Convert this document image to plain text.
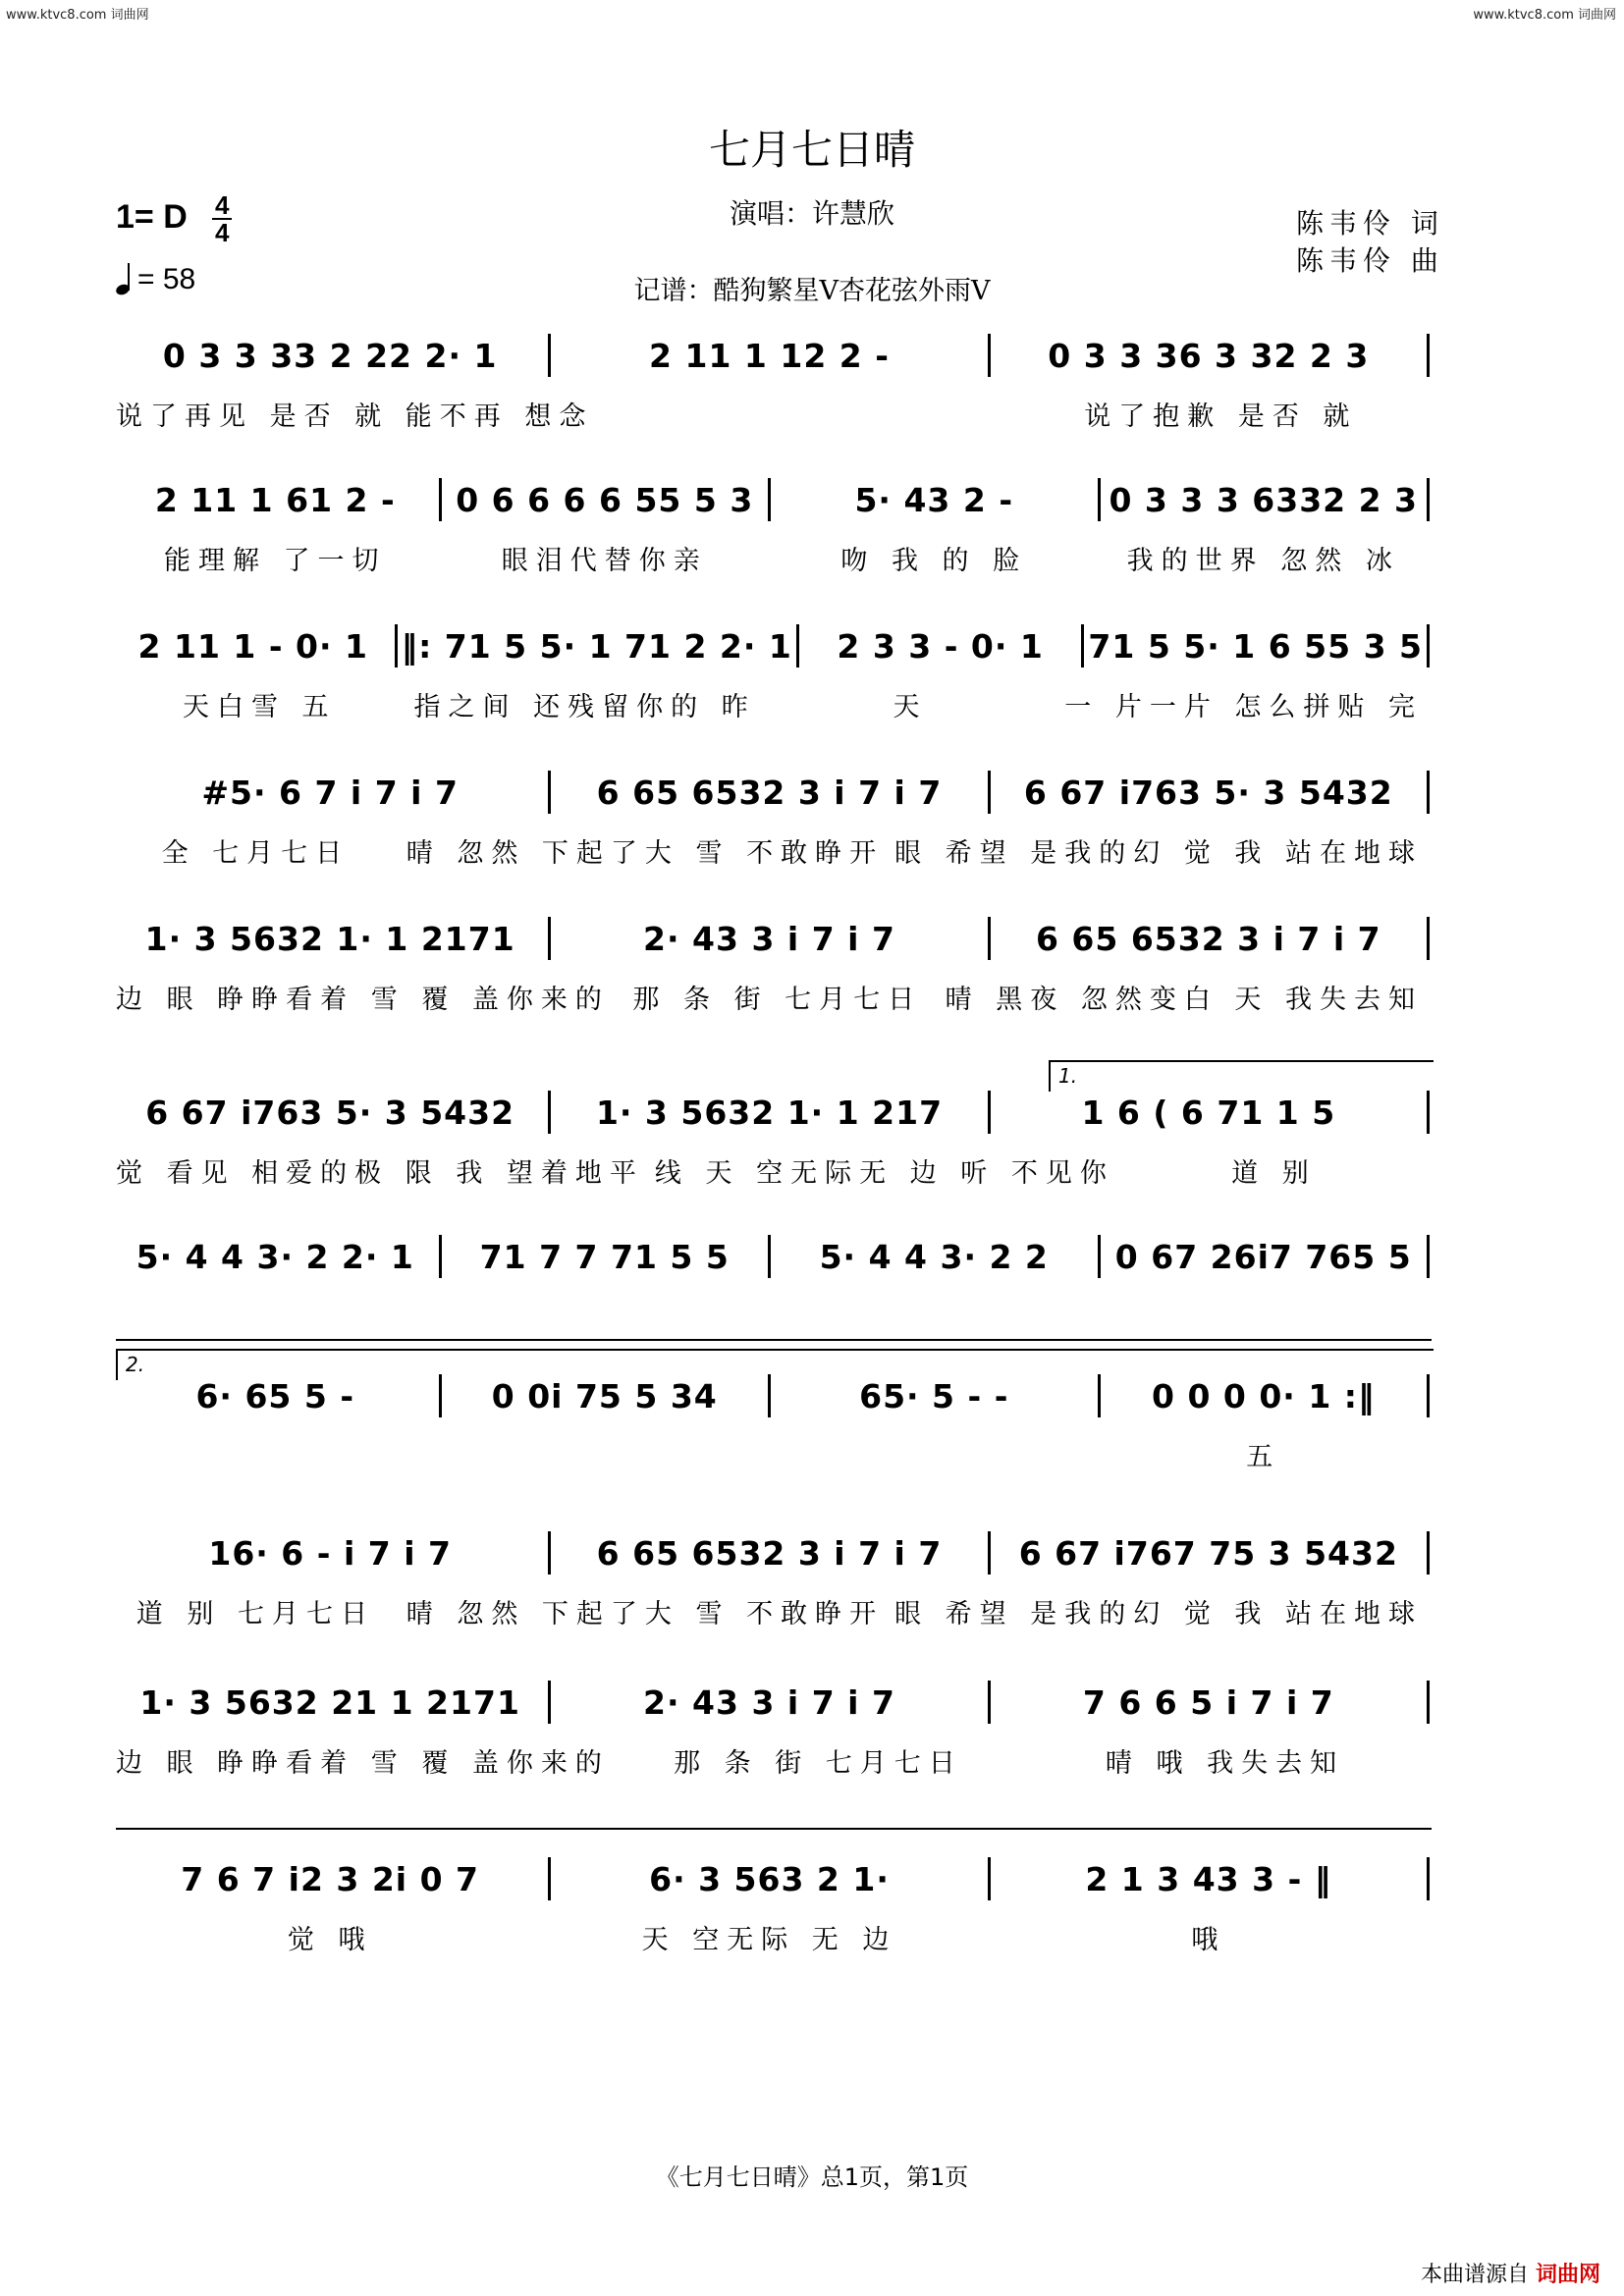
www.ktvc8.com 词曲网	www.ktvc8.com 词曲网
七月七日晴
1= D $\frac{4}{4}$
= 58
演唱：许慧欣	陈韦伶 词
陈韦伶 曲
记谱：酷狗繁星V杏花弦外雨V
1.
2.
0 3 3 33 2 22 2· 1	2 11 1 12 2 -	0 3 3 36 3 32 2 3
说了再见 是否 就 能不再 想念	说了抱歉 是否 就
2 11 1 61 2 -	0 6 6 6 6 55 5 3	5· 43 2 -	0 3 3 3 6332 2 3
能理解 了一切	眼泪代替你亲	吻 我 的 脸	我的世界 忽然 冰
2 11 1 - 0· 1	‖: 71 5 5· 1 71 2 2· 1	2 3 3 - 0· 1	71 5 5· 1 6 55 3 5
天白雪 五	指之间 还残留你的 昨	天	一 片一片 怎么拼贴 完
#5· 6 7 i 7 i 7	6 65 6532 3 i 7 i 7	6 67 i763 5· 3 5432
全 七月七日	晴 忽然 下起了大 雪 不敢睁开 眼 希望 是我的幻 觉 我 站在地球
1· 3 5632 1· 1 2171	2· 43 3 i 7 i 7	6 65 6532 3 i 7 i 7
边 眼 睁睁看着 雪 覆 盖你来的 那 条 街 七月七日 晴 黑夜 忽然变白 天 我失去知
6 67 i763 5· 3 5432	1· 3 5632 1· 1 217	1 6 ( 6 71 1 5
觉 看见 相爱的极 限 我 望着地平 线 天 空无际无 边 听 不见你	道 别
5· 4 4 3· 2 2· 1	71 7 7 71 5 5	5· 4 4 3· 2 2	0 67 26i7 765 5
6· 65 5 -	0 0i 75 5 34	65· 5 - -	0 0 0 0· 1 :‖
五
16· 6 - i 7 i 7	6 65 6532 3 i 7 i 7	6 67 i767 75 3 5432
道 别 七月七日	晴 忽然 下起了大 雪 不敢睁开 眼 希望 是我的幻 觉 我 站在地球
1· 3 5632 21 1 2171	2· 43 3 i 7 i 7	7 6 6 5 i 7 i 7
边 眼 睁睁看着 雪 覆 盖你来的	那 条 街 七月七日	晴 哦 我失去知
7 6 7 i2 3 2i 0 7	6· 3 563 2 1·	2 1 3 43 3 - ‖
觉 哦	天 空无际 无 边	哦
《七月七日晴》总1页，第1页
本曲谱源自 词曲网
